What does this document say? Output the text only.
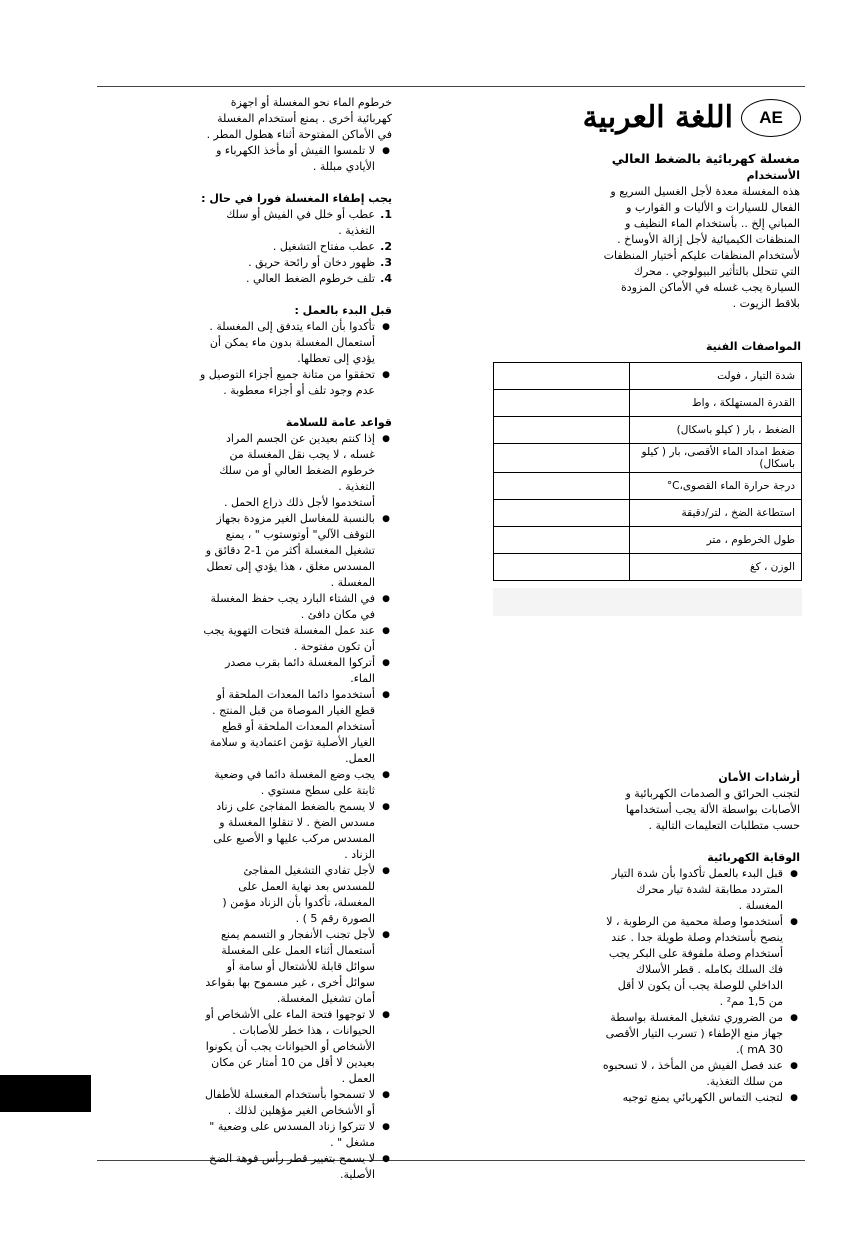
AE
اللغة العربية
مغسلة كهربائية بالضغط العالي
الأستخدام

هذه المغسلة معدة لأجل الغسيل السريع و الفعال للسيارات و الأليات و القوارب و المباني إلخ .. بأستخدام الماء النظيف و المنظفات الكيميائية لأجل إزالة الأوساخ . لأستخدام المنظفات عليكم أختيار المنظفات التي تتحلل بالتأثير البيولوجي . محرك السيارة يجب غسله في الأماكن المزودة بلاقط الزيوت .

المواصفات الفنية
شدة التيار ، فولت	
القدرة المستهلكة ، واط	
الضغط ، بار ( كيلو باسكال)	
ضغط امداد الماء الأقصى، بار ( كيلو باسكال)	
درجة حرارة الماء القصوى،C°	
استطاعة الضخ ، لتر/دقيقة	
طول الخرطوم ، متر	
الوزن ، كغ	
أرشادات الأمان

لتجنب الحرائق و الصدمات الكهربائية و الأصابات بواسطة الألة يجب أستخدامها حسب متطلبات التعليمات التالية .

الوقاية الكهربائية
● قبل البدء بالعمل تأكدوا بأن شدة التيار المتردد مطابقة لشدة تيار محرك المغسلة .
● أستخدموا وصلة محمية من الرطوبة ، لا ينصح بأستخدام وصلة طويلة جدا . عند أستخدام وصلة ملفوفة على البكر يجب فك السلك بكامله . قطر الأسلاك الداخلي للوصلة يجب أن يكون لا أقل من 1,5 مم² .
● من الضروري تشغيل المغسلة بواسطة جهاز منع الإطفاء ( تسرب التيار الأقصى 30 mA ).
● عند فصل الفيش من المأخذ ، لا تسحبوه من سلك التغذية.
● لتجنب التماس الكهربائي يمنع توجيه

خرطوم الماء نحو المغسلة أو اجهزة كهربائية أخرى . يمنع أستخدام المغسلة في الأماكن المفتوحة أثناء هطول المطر .

● لا تلمسوا الفيش أو مأخذ الكهرباء و الأيادي مبللة .
يجب إطفاء المغسلة فورا في حال :
1.
عطب أو خلل في الفيش أو سلك التغذية .
2.
عطب مفتاح التشغيل .
3.
ظهور دخان أو رائحة حريق .
4.
تلف خرطوم الضغط العالي .
قبل البدء بالعمل :
● تأكدوا بأن الماء يتدفق إلى المغسلة .
أستعمال المغسلة بدون ماء يمكن أن يؤدي إلى تعطلها.
● تحققوا من متانة جميع أجزاء التوصيل و عدم وجود تلف أو أجزاء معطوبة .
قواعد عامة للسلامة
● إذا كنتم بعيدين عن الجسم المراد غسله ، لا يجب نقل المغسلة من خرطوم الضغط العالي أو من سلك التغذية .
أستخدموا لأجل ذلك ذراع الحمل .
● بالنسبة للمغاسل الغير مزودة بجهاز التوقف الآلي" أوتوستوب " ، يمنع تشغيل المغسلة أكثر من 1-2 دقائق و المسدس مغلق ، هذا يؤدي إلى تعطل المغسلة .
● في الشتاء البارد يجب حفظ المغسلة في مكان دافئ .
● عند عمل المغسلة فتحات التهوية يجب أن تكون مفتوحة .
● أتركوا المغسلة دائما بقرب مصدر الماء.
● أستخدموا دائما المعدات الملحقة أو قطع الغيار الموصاة من قبل المنتج .
أستخدام المعدات الملحقة أو قطع الغيار الأصلية تؤمن اعتمادية و سلامة العمل.
● يجب وضع المغسلة دائما في وضعية ثابتة على سطح مستوي .
● لا يسمح بالضغط المفاجئ على زناد مسدس الضخ . لا تنقلوا المغسلة و المسدس مركب عليها و الأصبع على الزناد .
● لأجل تفادي التشغيل المفاجئ للمسدس بعد نهاية العمل على المغسلة، تأكدوا بأن الزناد مؤمن ( الصورة رقم 5 ) .
● لأجل تجنب الأنفجار و التسمم يمنع أستعمال أثناء العمل على المغسلة سوائل قابلة للأشتعال أو سامة أو سوائل أخرى ، غير مسموح بها بقواعد أمان تشغيل المغسلة.
● لا توجهوا فتحة الماء على الأشخاص أو الحيوانات ، هذا خطر للأصابات .
الأشخاص أو الحيوانات يجب أن يكونوا بعيدين لا أقل من 10 أمتار عن مكان العمل .
● لا تسمحوا بأستخدام المغسلة للأطفال أو الأشخاص الغير مؤهلين لذلك .
● لا تتركوا زناد المسدس على وضعية " مشغل " .
● لا يسمح بتغيير قطر رأس فوهة الضخ الأصلية.
